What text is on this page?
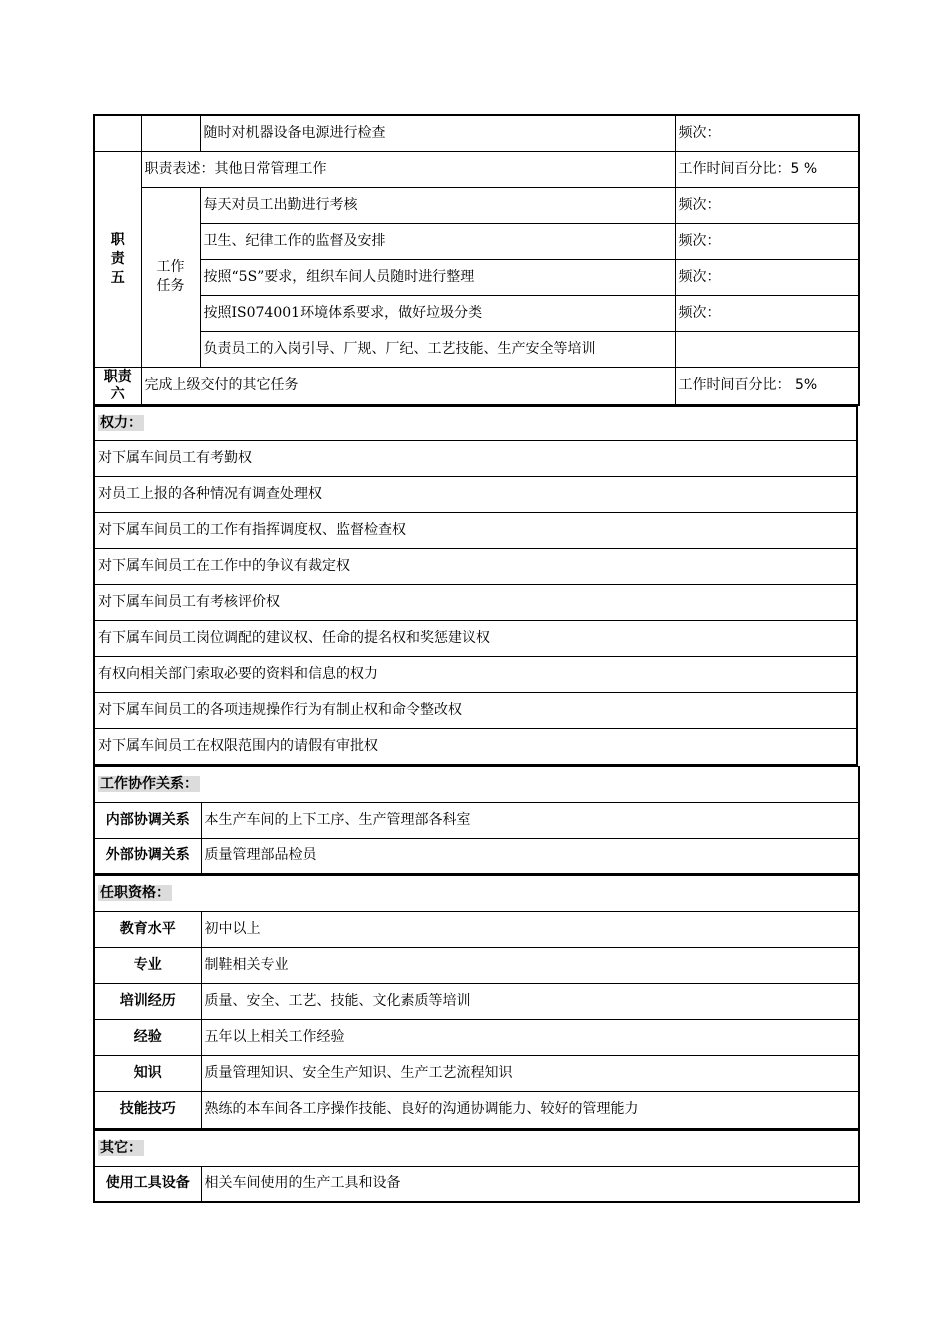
		随时对机器设备电源进行检查	频次：

职
责
五	职责表述：其他日常管理工作		工作时间百分比：5 %

	工作
任务	每天对员工出勤进行考核	频次：
		卫生、纪律工作的监督及安排	频次：
		按照“5S”要求，组织车间人员随时进行整理	频次：
		按照IS074001环境体系要求，做好垃圾分类	频次：
		负责员工的入岗引导、厂规、厂纪、工艺技能、生产安全等培训	

职责
六	完成上级交付的其它任务		工作时间百分比： 5%
权力：
对下属车间员工有考勤权
对员工上报的各种情况有调查处理权
对下属车间员工的工作有指挥调度权、监督检查权
对下属车间员工在工作中的争议有裁定权
对下属车间员工有考核评价权
有下属车间员工岗位调配的建议权、任命的提名权和奖惩建议权
有权向相关部门索取必要的资料和信息的权力
对下属车间员工的各项违规操作行为有制止权和命令整改权
对下属车间员工在权限范围内的请假有审批权
工作协作关系：	
内部协调关系	本生产车间的上下工序、生产管理部各科室
外部协调关系	质量管理部品检员
任职资格：	
教育水平	初中以上
专业	制鞋相关专业
培训经历	质量、安全、工艺、技能、文化素质等培训
经验	五年以上相关工作经验
知识	质量管理知识、安全生产知识、生产工艺流程知识
技能技巧	熟练的本车间各工序操作技能、良好的沟通协调能力、较好的管理能力
其它：
使用工具设备	相关车间使用的生产工具和设备
